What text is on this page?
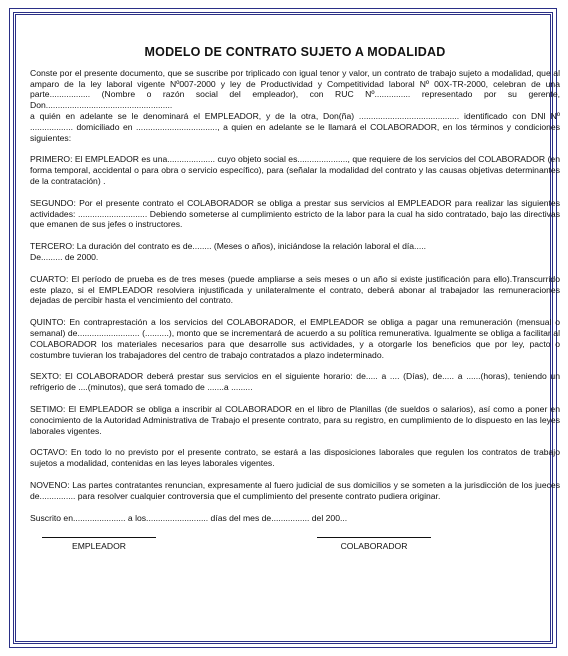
MODELO DE CONTRATO SUJETO A MODALIDAD

Conste por el presente documento, que se suscribe por triplicado con igual tenor y valor, un contrato de trabajo sujeto a modalidad, que al amparo de la ley laboral vigente Nº007-2000 y ley de Productividad y Competitividad laboral Nº 00X-TR-2000, celebran de una parte................. (Nombre o razón social del empleador), con RUC Nº............... representado por su gerente, Don.....................................................
a quién en adelante se le denominará el EMPLEADOR, y de la otra, Don(ña) .......................................... identificado con DNI Nº .................. domiciliado en .................................., a quien en adelante se le llamará el COLABORADOR, en los términos y condiciones siguientes:

PRIMERO: El EMPLEADOR es una.................... cuyo objeto social es....................., que requiere de los servicios del COLABORADOR (en forma temporal, accidental o para obra o servicio específico), para (señalar la modalidad del contrato y las causas objetivas determinantes de la contratación) .

SEGUNDO: Por el presente contrato el COLABORADOR se obliga a prestar sus servicios al EMPLEADOR para realizar las siguientes actividades: ............................. Debiendo someterse al cumplimiento estricto de la labor para la cual ha sido contratado, bajo las directivas que emanen de sus jefes o instructores.

TERCERO: La duración del contrato es de........ (Meses o años), iniciándose la relación laboral el día.....
De......... de 2000.

CUARTO: El período de prueba es de tres meses (puede ampliarse a seis meses o un año si existe justificación para ello).Transcurrido este plazo, si el EMPLEADOR resolviera injustificada y unilateralmente el contrato, deberá abonar al trabajador las remuneraciones dejadas de percibir hasta el vencimiento del contrato.

QUINTO: En contraprestación a los servicios del COLABORADOR, el EMPLEADOR se obliga a pagar una remuneración (mensual o semanal) de.......................... (..........), monto que se incrementará de acuerdo a su política remunerativa. Igualmente se obliga a facilitar al COLABORADOR los materiales necesarios para que desarrolle sus actividades, y a otorgarle los beneficios que por ley, pacto o costumbre tuvieran los trabajadores del centro de trabajo contratados a plazo indeterminado.

SEXTO: El COLABORADOR deberá prestar sus servicios en el siguiente horario: de..... a .... (Días), de..... a ......(horas), teniendo un refrigerio de ....(minutos), que será tomado de .......a .........

SETIMO: El EMPLEADOR se obliga a inscribir al COLABORADOR en el libro de Planillas (de sueldos o salarios), así como a poner en conocimiento de la Autoridad Administrativa de Trabajo el presente contrato, para su registro, en cumplimiento de lo dispuesto en las leyes laborales vigentes.

OCTAVO: En todo lo no previsto por el presente contrato, se estará a las disposiciones laborales que regulen los contratos de trabajo sujetos a modalidad, contenidas en las leyes laborales vigentes.

NOVENO: Las partes contratantes renuncian, expresamente al fuero judicial de sus domicilios y se someten a la jurisdicción de los jueces de............... para resolver cualquier controversia que el cumplimiento del presente contrato pudiera originar.

Suscrito en...................... a los.......................... días del mes de................ del 200...

EMPLEADOR	COLABORADOR
